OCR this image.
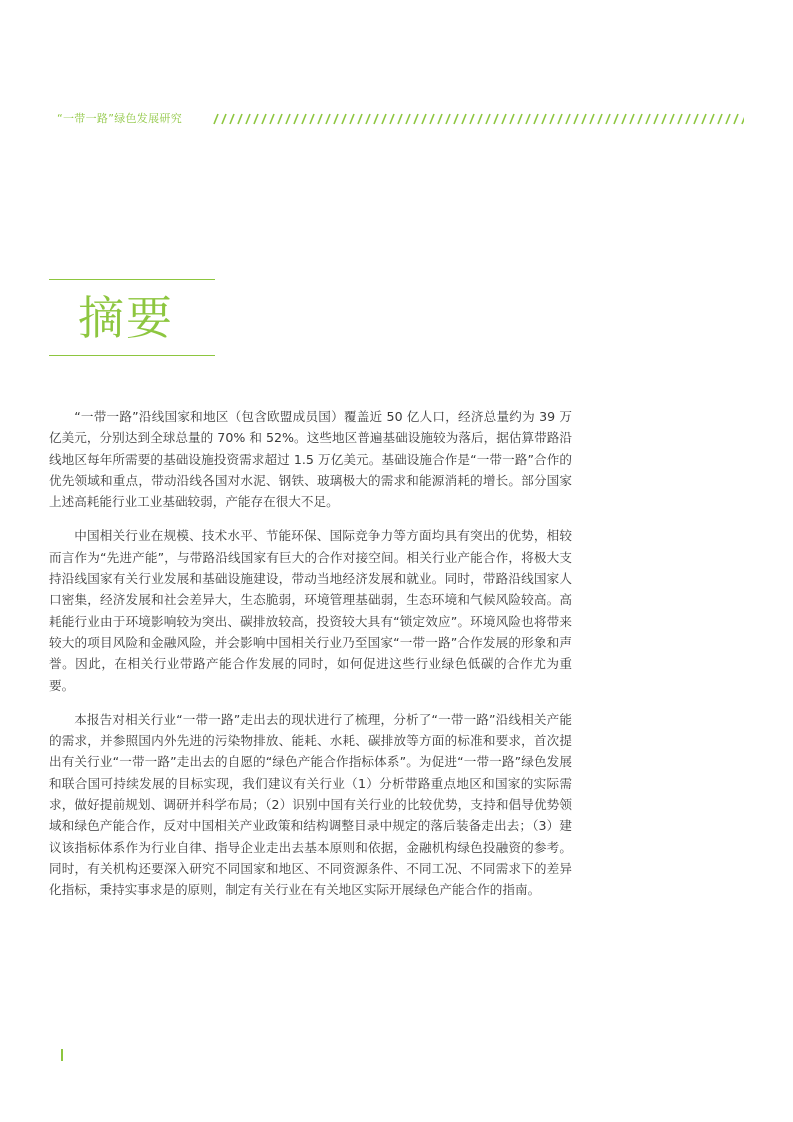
“一带一路”绿色发展研究
摘要

“一带一路”沿线国家和地区（包含欧盟成员国）覆盖近 50 亿人口，经济总量约为 39 万亿美元，分别达到全球总量的 70% 和 52%。这些地区普遍基础设施较为落后，据估算带路沿线地区每年所需要的基础设施投资需求超过 1.5 万亿美元。基础设施合作是“一带一路”合作的优先领域和重点，带动沿线各国对水泥、钢铁、玻璃极大的需求和能源消耗的增长。部分国家上述高耗能行业工业基础较弱，产能存在很大不足。

中国相关行业在规模、技术水平、节能环保、国际竞争力等方面均具有突出的优势，相较而言作为“先进产能”，与带路沿线国家有巨大的合作对接空间。相关行业产能合作，将极大支持沿线国家有关行业发展和基础设施建设，带动当地经济发展和就业。同时，带路沿线国家人口密集，经济发展和社会差异大，生态脆弱，环境管理基础弱，生态环境和气候风险较高。高耗能行业由于环境影响较为突出、碳排放较高，投资较大具有“锁定效应”。环境风险也将带来较大的项目风险和金融风险，并会影响中国相关行业乃至国家“一带一路”合作发展的形象和声誉。因此，在相关行业带路产能合作发展的同时，如何促进这些行业绿色低碳的合作尤为重要。

本报告对相关行业“一带一路”走出去的现状进行了梳理，分析了“一带一路”沿线相关产能的需求，并参照国内外先进的污染物排放、能耗、水耗、碳排放等方面的标准和要求，首次提出有关行业“一带一路”走出去的自愿的“绿色产能合作指标体系”。为促进“一带一路”绿色发展和联合国可持续发展的目标实现，我们建议有关行业（1）分析带路重点地区和国家的实际需求，做好提前规划、调研并科学布局；（2）识别中国有关行业的比较优势，支持和倡导优势领域和绿色产能合作，反对中国相关产业政策和结构调整目录中规定的落后装备走出去；（3）建议该指标体系作为行业自律、指导企业走出去基本原则和依据，金融机构绿色投融资的参考。同时，有关机构还要深入研究不同国家和地区、不同资源条件、不同工况、不同需求下的差异化指标，秉持实事求是的原则，制定有关行业在有关地区实际开展绿色产能合作的指南。
